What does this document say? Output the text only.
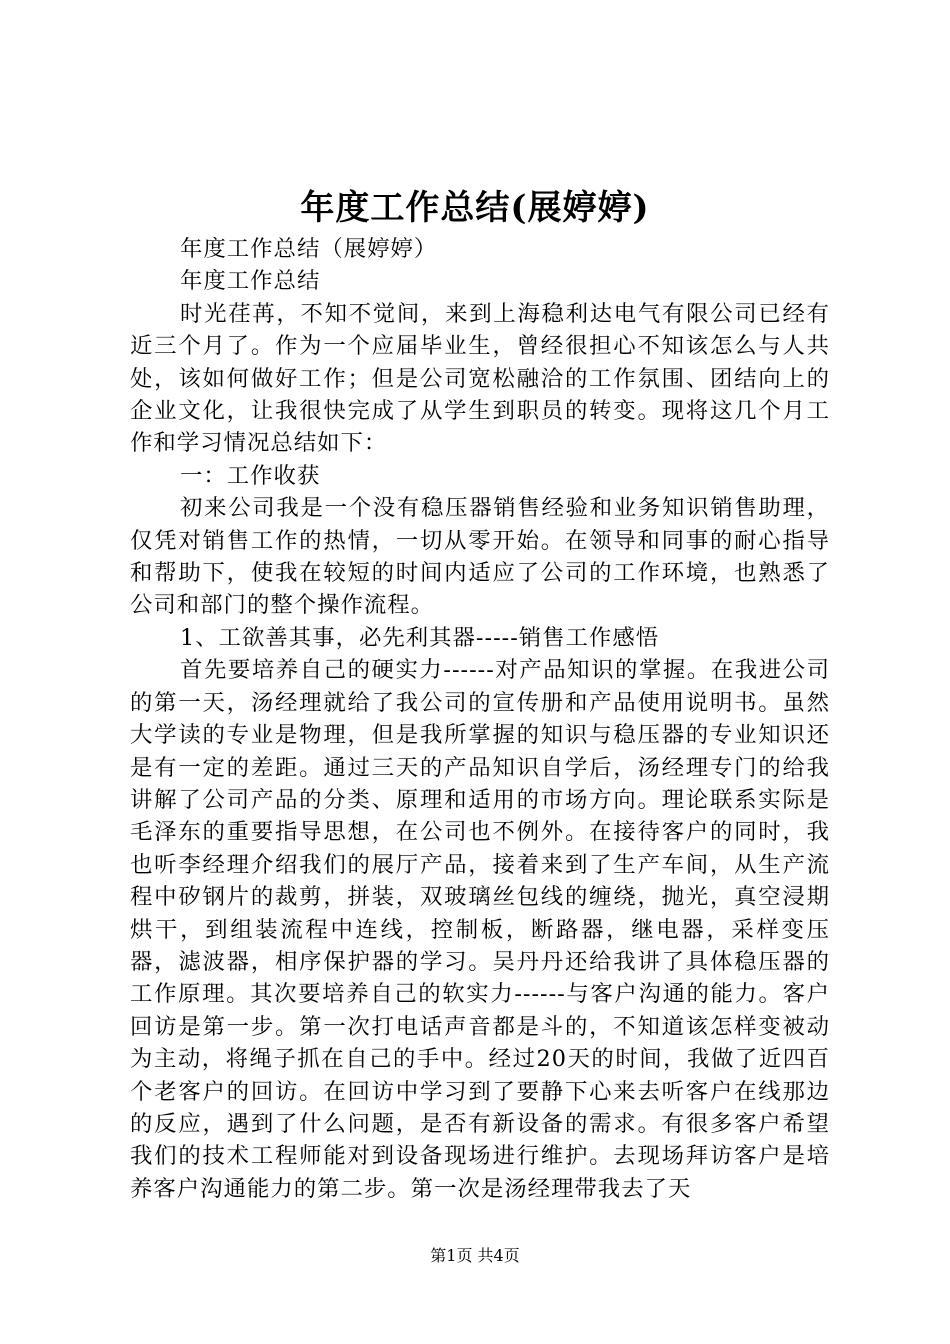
年度工作总结(展婷婷)

年度工作总结（展婷婷）

年度工作总结

时光荏苒，不知不觉间，来到上海稳利达电气有限公司已经有近三个月了。作为一个应届毕业生，曾经很担心不知该怎么与人共处，该如何做好工作；但是公司宽松融洽的工作氛围、团结向上的企业文化，让我很快完成了从学生到职员的转变。现将这几个月工作和学习情况总结如下：

一：工作收获

初来公司我是一个没有稳压器销售经验和业务知识销售助理，仅凭对销售工作的热情，一切从零开始。在领导和同事的耐心指导和帮助下，使我在较短的时间内适应了公司的工作环境，也熟悉了公司和部门的整个操作流程。

1、工欲善其事，必先利其器-----销售工作感悟

首先要培养自己的硬实力------对产品知识的掌握。在我进公司的第一天，汤经理就给了我公司的宣传册和产品使用说明书。虽然大学读的专业是物理，但是我所掌握的知识与稳压器的专业知识还是有一定的差距。通过三天的产品知识自学后，汤经理专门的给我讲解了公司产品的分类、原理和适用的市场方向。理论联系实际是毛泽东的重要指导思想，在公司也不例外。在接待客户的同时，我也听李经理介绍我们的展厅产品，接着来到了生产车间，从生产流程中矽钢片的裁剪，拼装，双玻璃丝包线的缠绕，抛光，真空浸期烘干，到组装流程中连线，控制板，断路器，继电器，采样变压器，滤波器，相序保护器的学习。吴丹丹还给我讲了具体稳压器的工作原理。其次要培养自己的软实力------与客户沟通的能力。客户回访是第一步。第一次打电话声音都是斗的，不知道该怎样变被动为主动，将绳子抓在自己的手中。经过20天的时间，我做了近四百个老客户的回访。在回访中学习到了要静下心来去听客户在线那边的反应，遇到了什么问题，是否有新设备的需求。有很多客户希望我们的技术工程师能对到设备现场进行维护。去现场拜访客户是培养客户沟通能力的第二步。第一次是汤经理带我去了天

第1页 共4页
